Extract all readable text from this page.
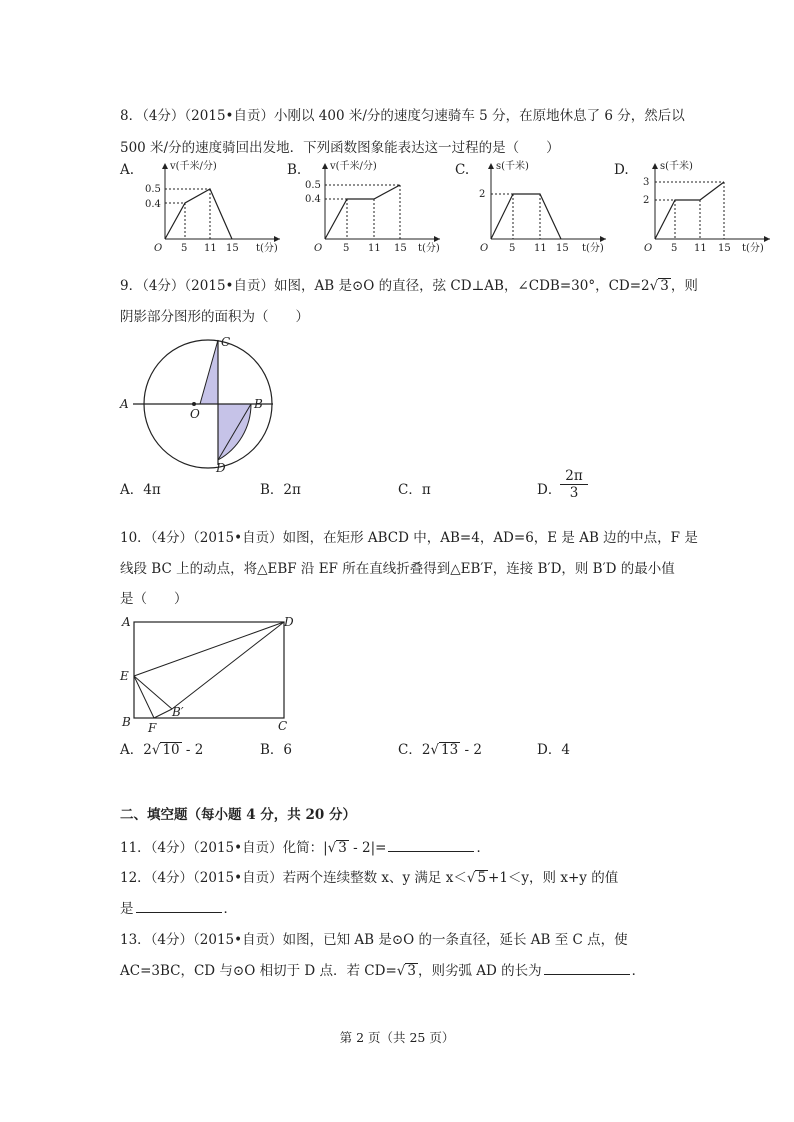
8．（4分）（2015•自贡）小刚以 400 米/分的速度匀速骑车 5 分，在原地休息了 6 分，然后以
500 米/分的速度骑回出发地．下列函数图象能表达这一过程的是（　　）
A.	v(千米/分)
O
0.5
0.4
5 11 15 t(分)
B.	v(千米/分)
O
0.5
0.4
5 11 15 t(分)
C.	s(千米)
O
2
5 11 15 t(分)
D.	s(千米)
O
3
2
5 11 15 t(分)
9．（4分）（2015•自贡）如图，AB 是⊙O 的直径，弦 CD⊥AB，∠CDB=30°，CD=2√ 3 ，则
阴影部分图形的面积为（　　）
C
A
O
B
D
A．4π	B．2π	C．π	D．
$\frac{2\pi}{3}$
10．（4分）（2015•自贡）如图，在矩形 ABCD 中，AB=4，AD=6，E 是 AB 边的中点，F 是
线段 BC 上的动点，将△EBF 沿 EF 所在直线折叠得到△EB′F，连接 B′D，则 B′D 的最小值
是（　　）
A	D
E
B F
B′
C
A．2√ 10 - 2	B．6	C．2√ 13 - 2	D．4
二、填空题（每小题 4 分，共 20 分）
11．（4分）（2015•自贡）化简：|√ 3 - 2|=	．
12．（4分）（2015•自贡）若两个连续整数 x、y 满足 x＜√ 5 +1＜y，则 x+y 的值
是	．
13．（4分）（2015•自贡）如图，已知 AB 是⊙O 的一条直径，延长 AB 至 C 点，使
AC=3BC，CD 与⊙O 相切于 D 点．若 CD=√ 3 ，则劣弧 AD 的长为	．
第 2 页（共 25 页）
